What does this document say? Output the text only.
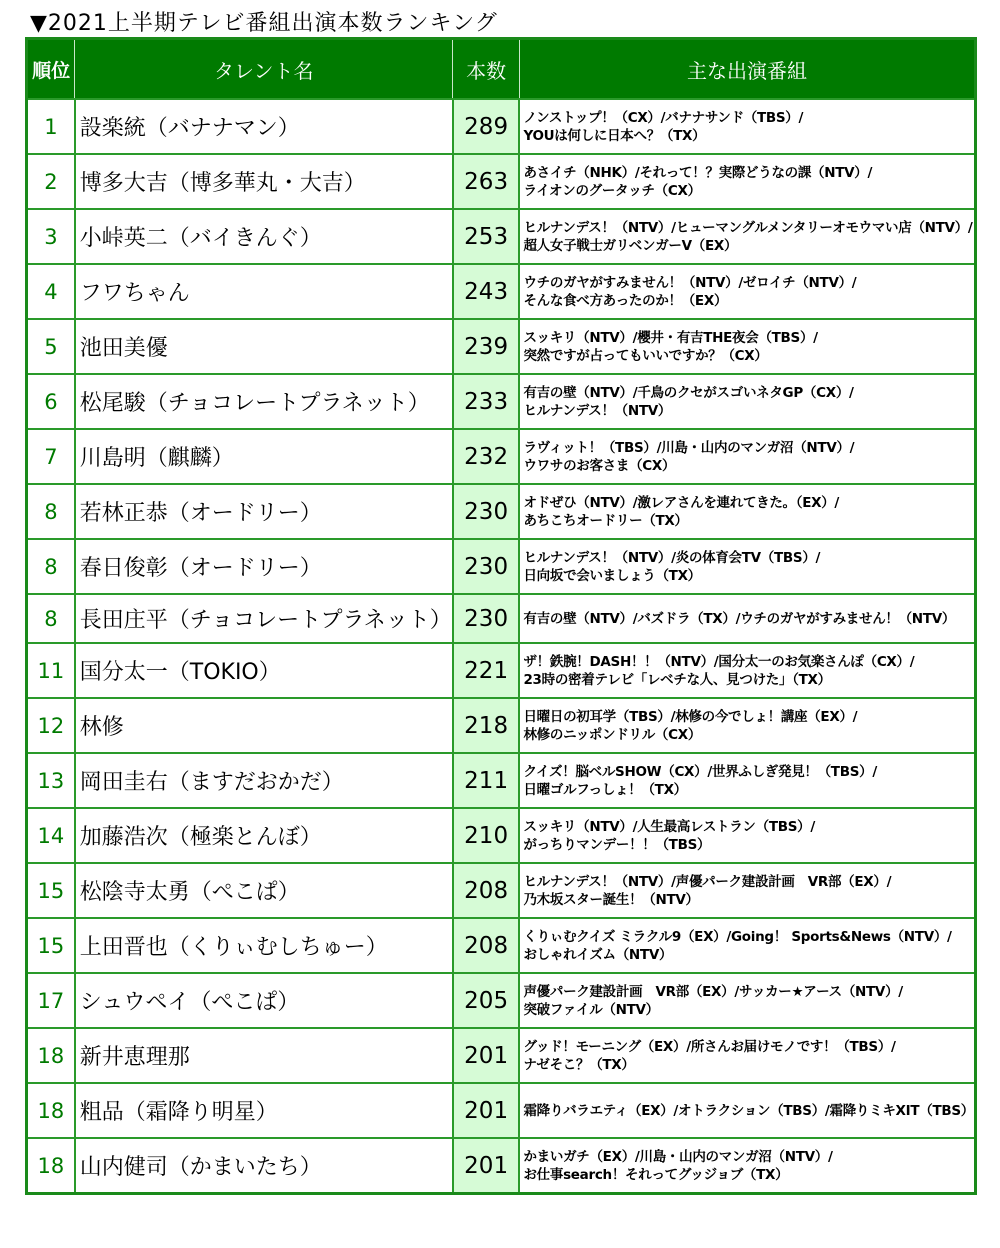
▼2021上半期テレビ番組出演本数ランキング
順位	タレント名	本数	主な出演番組
1	設楽統（バナナマン）	289	ノンストップ！（CX）/バナナサンド（TBS）/
YOUは何しに日本へ？（TX）

2	博多大吉（博多華丸・大吉）	263	あさイチ（NHK）/それって！？実際どうなの課（NTV）/
ライオンのグータッチ（CX）

3	小峠英二（バイきんぐ）	253	ヒルナンデス！（NTV）/ヒューマングルメンタリーオモウマい店（NTV）/
超人女子戦士ガリベンガーV（EX）

4	フワちゃん	243	ウチのガヤがすみません！（NTV）/ゼロイチ（NTV）/
そんな食べ方あったのか！（EX）

5	池田美優	239	スッキリ（NTV）/櫻井・有吉THE夜会（TBS）/
突然ですが占ってもいいですか？（CX）

6	松尾駿（チョコレートプラネット）	233	有吉の壁（NTV）/千鳥のクセがスゴいネタGP（CX）/
ヒルナンデス！（NTV）

7	川島明（麒麟）	232	ラヴィット！（TBS）/川島・山内のマンガ沼（NTV）/
ウワサのお客さま（CX）

8	若林正恭（オードリー）	230	オドぜひ（NTV）/激レアさんを連れてきた。（EX）/
あちこちオードリー（TX）

8	春日俊彰（オードリー）	230	ヒルナンデス！（NTV）/炎の体育会TV（TBS）/
日向坂で会いましょう（TX）

8	長田庄平（チョコレートプラネット）	230	有吉の壁（NTV）/バズドラ（TX）/ウチのガヤがすみません！（NTV）

11	国分太一（TOKIO）	221	ザ！鉄腕！DASH！！（NTV）/国分太一のお気楽さんぽ（CX）/
23時の密着テレビ「レベチな人、見つけた」（TX）

12	林修	218	日曜日の初耳学（TBS）/林修の今でしょ！講座（EX）/
林修のニッポンドリル（CX）

13	岡田圭右（ますだおかだ）	211	クイズ！脳ベルSHOW（CX）/世界ふしぎ発見！（TBS）/
日曜ゴルフっしょ！（TX）

14	加藤浩次（極楽とんぼ）	210	スッキリ（NTV）/人生最高レストラン（TBS）/
がっちりマンデー！！（TBS）

15	松陰寺太勇（ぺこぱ）	208	ヒルナンデス！（NTV）/声優パーク建設計画　VR部（EX）/
乃木坂スター誕生！（NTV）

15	上田晋也（くりぃむしちゅー）	208	くりぃむクイズ ミラクル9（EX）/Going！ Sports&News（NTV）/
おしゃれイズム（NTV）

17	シュウペイ（ぺこぱ）	205	声優パーク建設計画　VR部（EX）/サッカー★アース（NTV）/
突破ファイル（NTV）

18	新井恵理那	201	グッド！モーニング（EX）/所さんお届けモノです！（TBS）/
ナゼそこ？（TX）

18	粗品（霜降り明星）	201	霜降りバラエティ（EX）/オトラクション（TBS）/霜降りミキXIT（TBS）

18	山内健司（かまいたち）	201	かまいガチ（EX）/川島・山内のマンガ沼（NTV）/
お仕事search！それってグッジョブ（TX）
